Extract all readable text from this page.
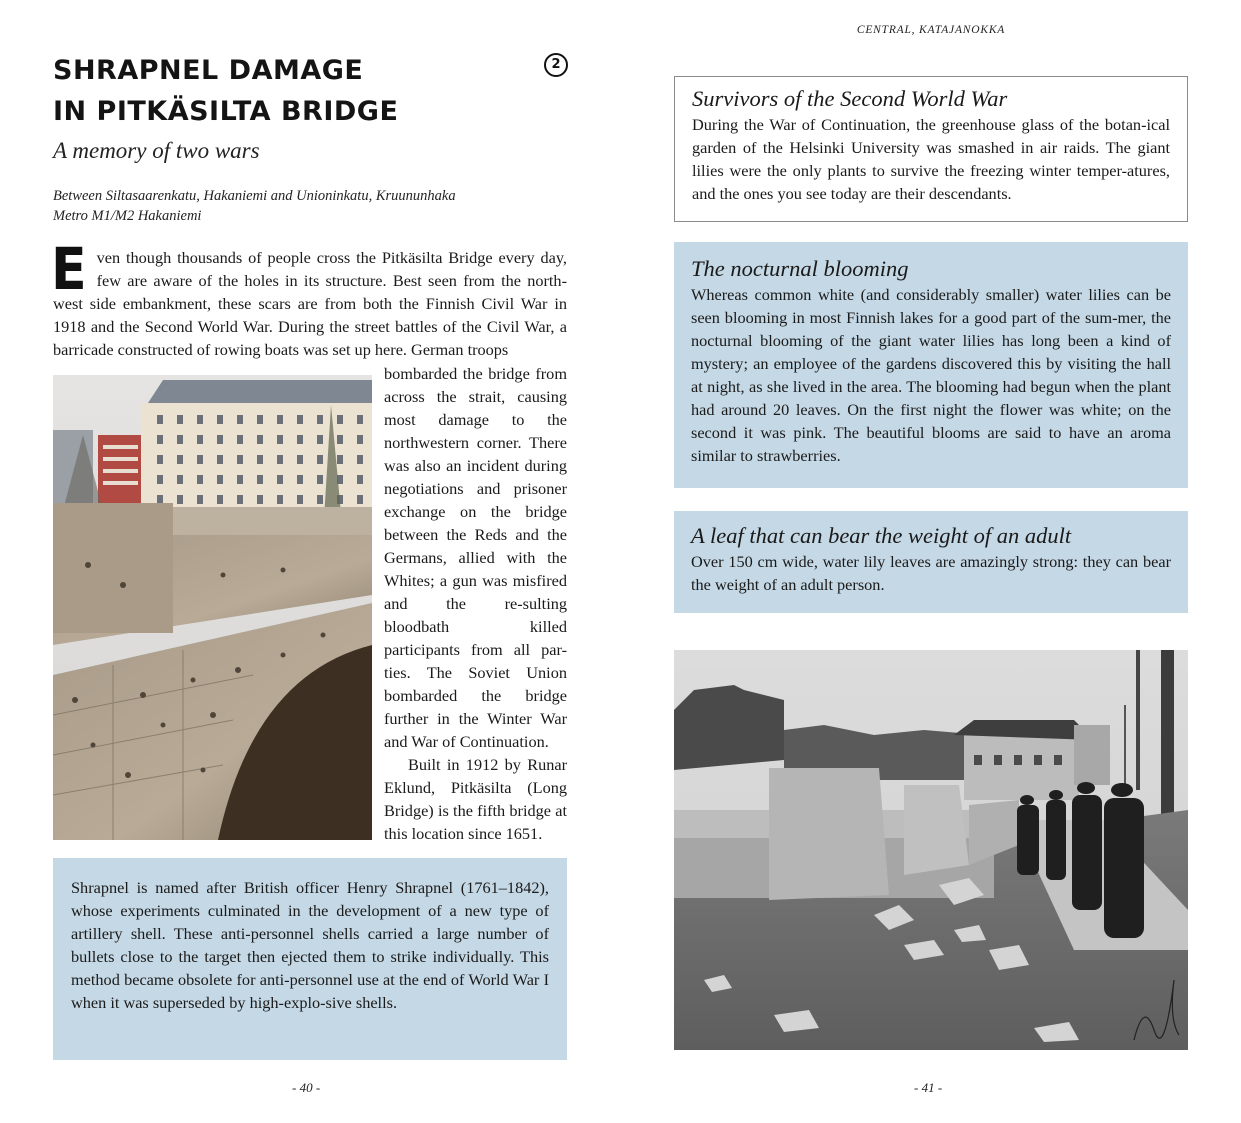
SHRAPNEL DAMAGE
IN PITKÄSILTA BRIDGE
2
A memory of two wars
Between Siltasaarenkatu, Hakaniemi and Unioninkatu, Kruununhaka
Metro M1/M2 Hakaniemi
E ven though thousands of people cross the Pitkäsilta Bridge every day, few are aware of the holes in its structure. Best seen from the north-west side embankment, these scars are from both the Finnish Civil War in 1918 and the Second World War. During the street battles of the Civil War, a barricade constructed of rowing boats was set up here. German troops

bombarded the bridge from across the strait, causing most damage to the northwestern corner. There was also an incident during negotiations and prisoner exchange on the bridge between the Reds and the Germans, allied with the Whites; a gun was misfired and the re-sulting bloodbath killed participants from all par-ties. The Soviet Union bombarded the bridge further in the Winter War and War of Continuation.

Built in 1912 by Runar Eklund, Pitkäsilta (Long Bridge) is the fifth bridge at this location since 1651.

Shrapnel is named after British officer Henry Shrapnel (1761–1842), whose experiments culminated in the development of a new type of artillery shell. These anti-personnel shells carried a large number of bullets close to the target then ejected them to strike individually. This method became obsolete for anti-personnel use at the end of World War I when it was superseded by high-explo-sive shells.
- 40 -
CENTRAL, KATAJANOKKA
Survivors of the Second World War
During the War of Continuation, the greenhouse glass of the botan-ical garden of the Helsinki University was smashed in air raids. The giant lilies were the only plants to survive the freezing winter temper-atures, and the ones you see today are their descendants.
The nocturnal blooming
Whereas common white (and considerably smaller) water lilies can be seen blooming in most Finnish lakes for a good part of the sum-mer, the nocturnal blooming of the giant water lilies has long been a kind of mystery; an employee of the gardens discovered this by visiting the hall at night, as she lived in the area. The blooming had begun when the plant had around 20 leaves. On the first night the flower was white; on the second it was pink. The beautiful blooms are said to have an aroma similar to strawberries.
A leaf that can bear the weight of an adult
Over 150 cm wide, water lily leaves are amazingly strong: they can bear the weight of an adult person.
- 41 -
